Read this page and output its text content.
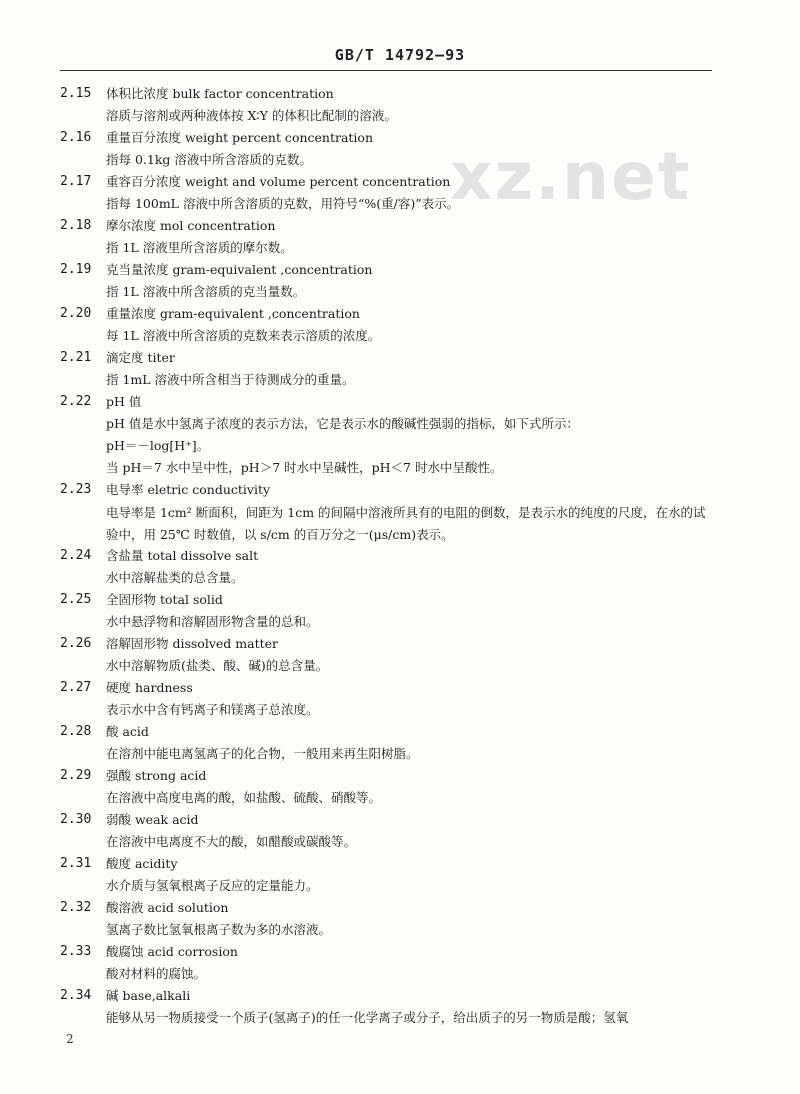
GB/T 14792—93
xz.net
2.15	体积比浓度 bulk factor concentration
溶质与溶剂或两种液体按 X∶Y 的体积比配制的溶液。
2.16	重量百分浓度 weight percent concentration
指每 0.1kg 溶液中所含溶质的克数。
2.17	重容百分浓度 weight and volume percent concentration
指每 100mL 溶液中所含溶质的克数，用符号“%(重/容)”表示。
2.18	摩尔浓度 mol concentration
指 1L 溶液里所含溶质的摩尔数。
2.19	克当量浓度 gram-equivalent ,concentration
指 1L 溶液中所含溶质的克当量数。
2.20	重量浓度 gram-equivalent ,concentration
每 1L 溶液中所含溶质的克数来表示溶质的浓度。
2.21	滴定度 titer
指 1mL 溶液中所含相当于待测成分的重量。
2.22	pH 值
pH 值是水中氢离子浓度的表示方法，它是表示水的酸碱性强弱的指标，如下式所示：
pH＝－log[H⁺]。
当 pH＝7 水中呈中性，pH＞7 时水中呈碱性，pH＜7 时水中呈酸性。
2.23	电导率 eletric conductivity
电导率是 1cm² 断面积，间距为 1cm 的间隔中溶液所具有的电阻的倒数，是表示水的纯度的尺度，在水的试验中，用 25℃ 时数值，以 s/cm 的百万分之一(μs/cm)表示。
2.24	含盐量 total dissolve salt
水中溶解盐类的总含量。
2.25	全固形物 total solid
水中悬浮物和溶解固形物含量的总和。
2.26	溶解固形物 dissolved matter
水中溶解物质(盐类、酸、碱)的总含量。
2.27	硬度 hardness
表示水中含有钙离子和镁离子总浓度。
2.28	酸 acid
在溶剂中能电离氢离子的化合物，一般用来再生阳树脂。
2.29	强酸 strong acid
在溶液中高度电离的酸，如盐酸、硫酸、硝酸等。
2.30	弱酸 weak acid
在溶液中电离度不大的酸，如醋酸或碳酸等。
2.31	酸度 acidity
水介质与氢氧根离子反应的定量能力。
2.32	酸溶液 acid solution
氢离子数比氢氧根离子数为多的水溶液。
2.33	酸腐蚀 acid corrosion
酸对材料的腐蚀。
2.34	碱 base,alkali
能够从另一物质接受一个质子(氢离子)的任一化学离子或分子，给出质子的另一物质是酸；氢氧
2
